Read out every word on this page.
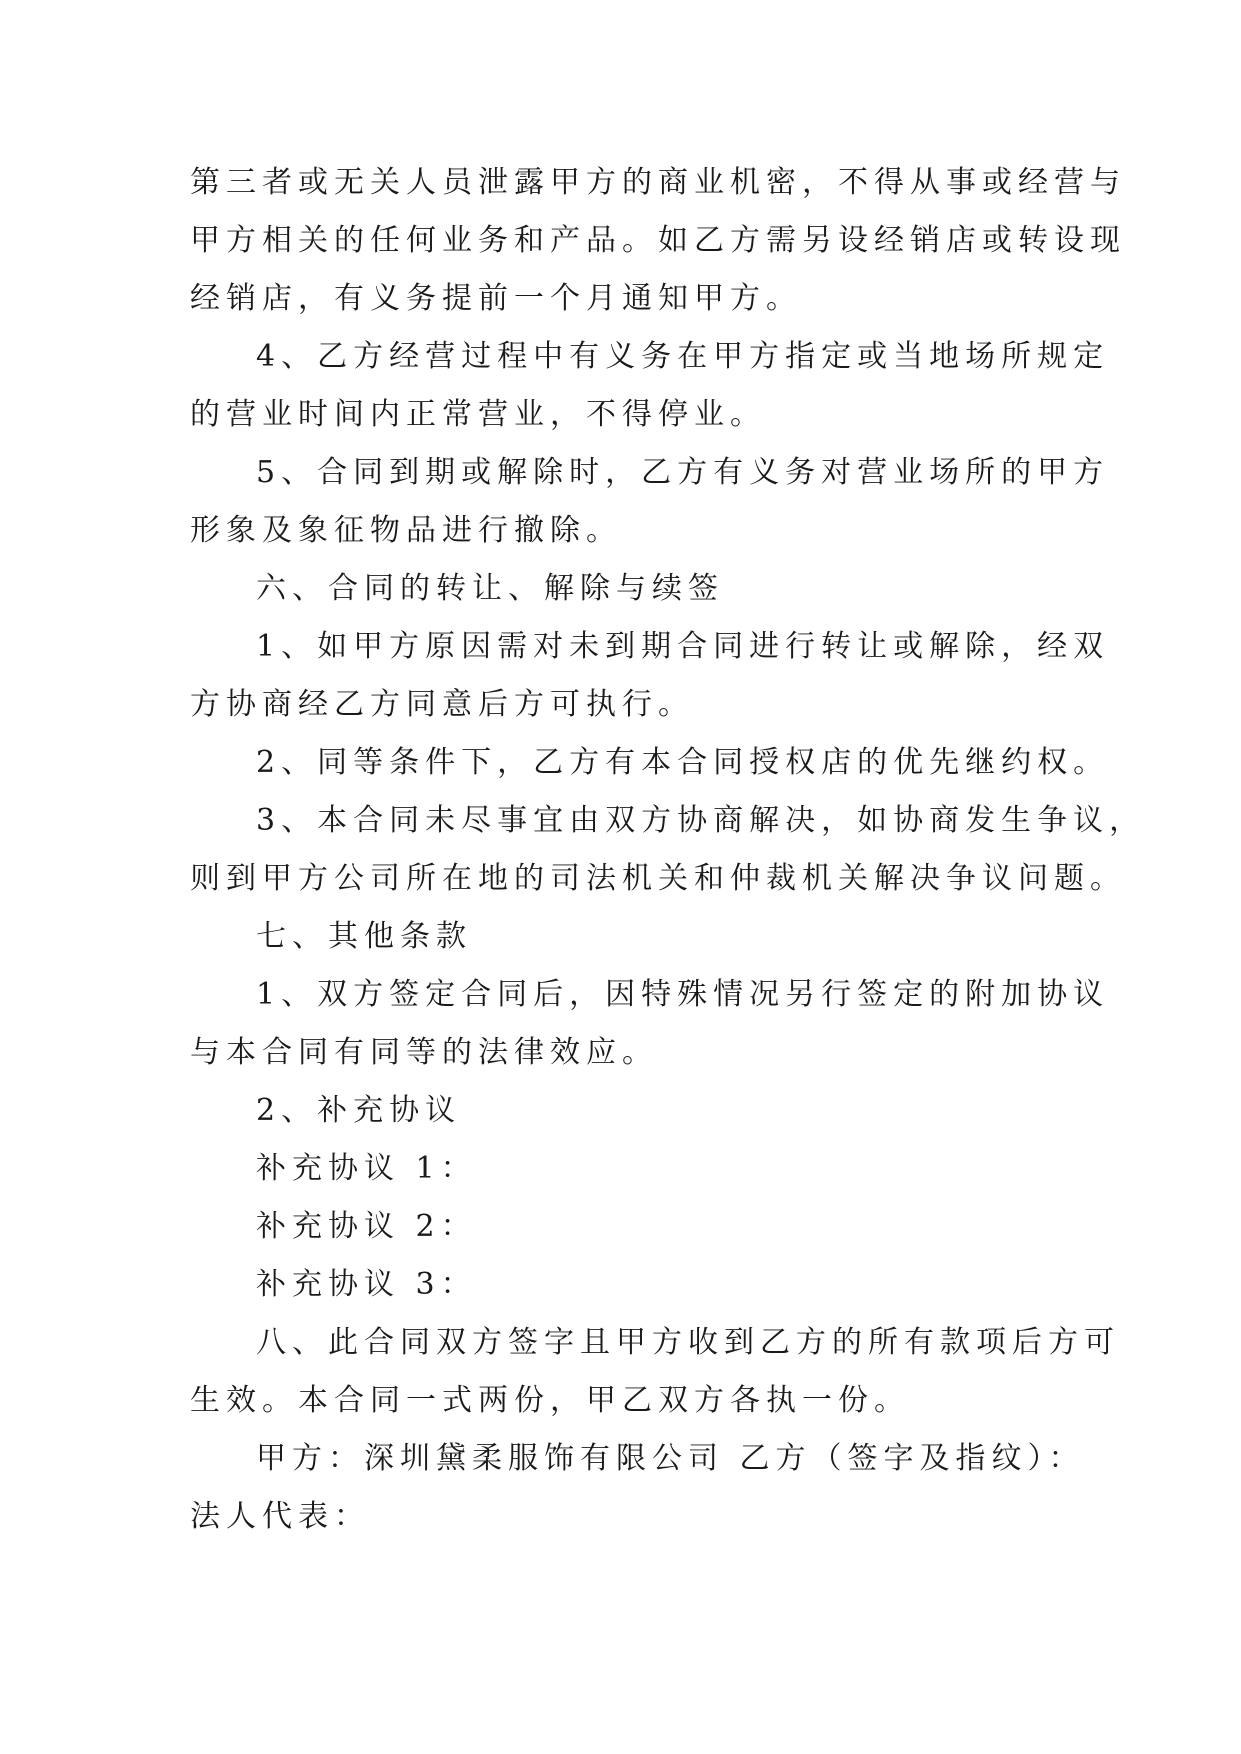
第三者或无关人员泄露甲方的商业机密，不得从事或经营与
甲方相关的任何业务和产品。如乙方需另设经销店或转设现
经销店，有义务提前一个月通知甲方。
4、乙方经营过程中有义务在甲方指定或当地场所规定
的营业时间内正常营业，不得停业。
5、合同到期或解除时，乙方有义务对营业场所的甲方
形象及象征物品进行撤除。
六、合同的转让、解除与续签
1、如甲方原因需对未到期合同进行转让或解除，经双
方协商经乙方同意后方可执行。
2、同等条件下，乙方有本合同授权店的优先继约权。
3、本合同未尽事宜由双方协商解决，如协商发生争议，
则到甲方公司所在地的司法机关和仲裁机关解决争议问题。
七、其他条款
1、双方签定合同后，因特殊情况另行签定的附加协议
与本合同有同等的法律效应。
2、补充协议
补充协议 1：
补充协议 2：
补充协议 3：
八、此合同双方签字且甲方收到乙方的所有款项后方可
生效。本合同一式两份，甲乙双方各执一份。
甲方：深圳黛柔服饰有限公司 乙方（签字及指纹）：
法人代表：
